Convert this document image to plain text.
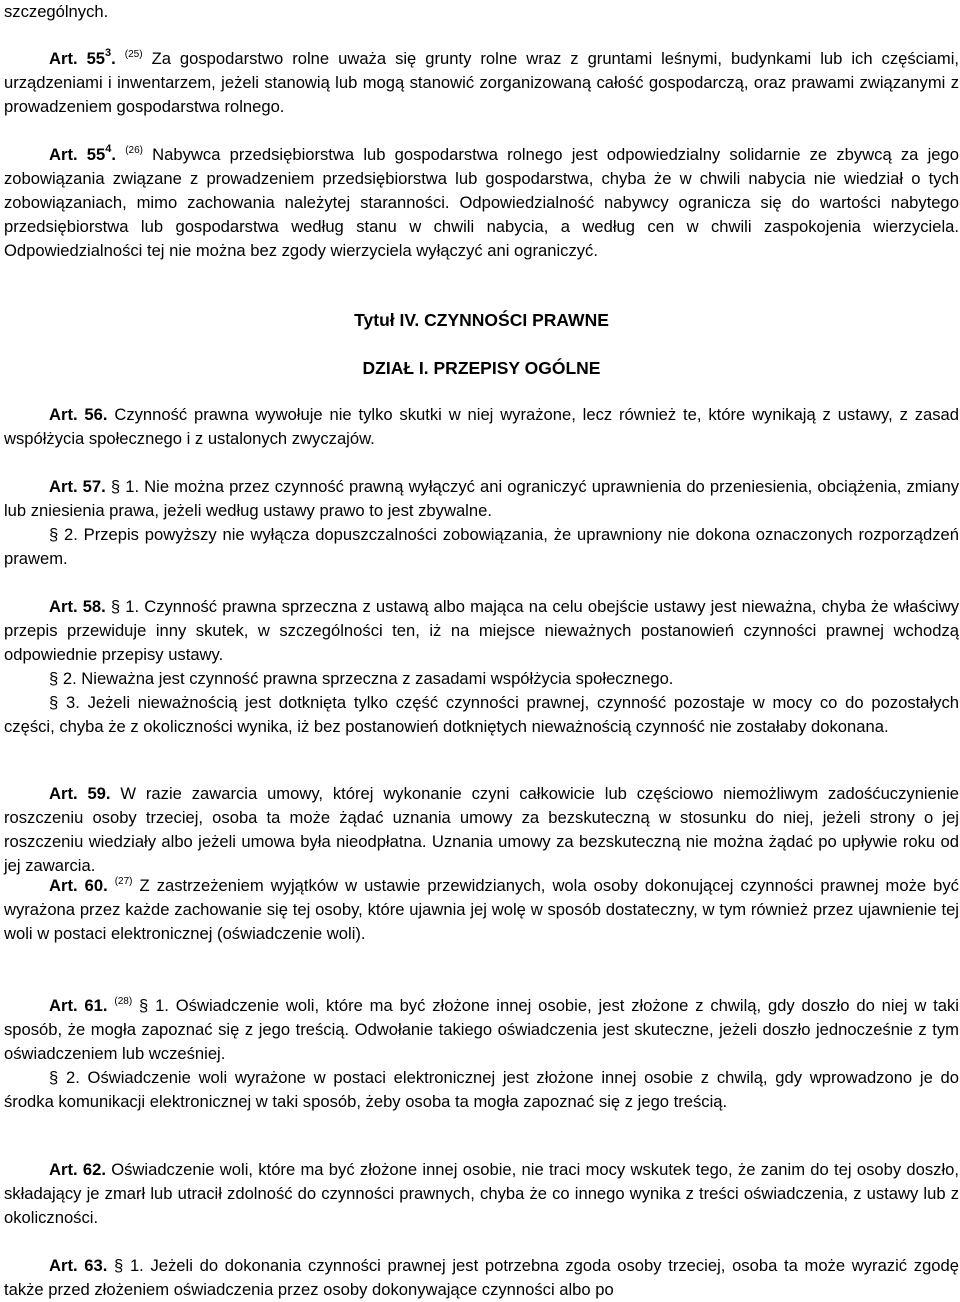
szczególnych.

Art. $55^3$. $^{(25)}$ Za gospodarstwo rolne uważa się grunty rolne wraz z gruntami leśnymi, budynkami lub ich częściami, urządzeniami i inwentarzem, jeżeli stanowią lub mogą stanowić zorganizowaną całość gospodarczą, oraz prawami związanymi z prowadzeniem gospodarstwa rolnego.

Art. $55^4$. $^{(26)}$ Nabywca przedsiębiorstwa lub gospodarstwa rolnego jest odpowiedzialny solidarnie ze zbywcą za jego zobowiązania związane z prowadzeniem przedsiębiorstwa lub gospodarstwa, chyba że w chwili nabycia nie wiedział o tych zobowiązaniach, mimo zachowania należytej staranności. Odpowiedzialność nabywcy ogranicza się do wartości nabytego przedsiębiorstwa lub gospodarstwa według stanu w chwili nabycia, a według cen w chwili zaspokojenia wierzyciela. Odpowiedzialności tej nie można bez zgody wierzyciela wyłączyć ani ograniczyć.

Tytuł IV. CZYNNOŚCI PRAWNE
DZIAŁ I. PRZEPISY OGÓLNE

Art. 56. Czynność prawna wywołuje nie tylko skutki w niej wyrażone, lecz również te, które wynikają z ustawy, z zasad współżycia społecznego i z ustalonych zwyczajów.

Art. 57. § 1. Nie można przez czynność prawną wyłączyć ani ograniczyć uprawnienia do przeniesienia, obciążenia, zmiany lub zniesienia prawa, jeżeli według ustawy prawo to jest zbywalne.

§ 2. Przepis powyższy nie wyłącza dopuszczalności zobowiązania, że uprawniony nie dokona oznaczonych rozporządzeń prawem.

Art. 58. § 1. Czynność prawna sprzeczna z ustawą albo mająca na celu obejście ustawy jest nieważna, chyba że właściwy przepis przewiduje inny skutek, w szczególności ten, iż na miejsce nieważnych postanowień czynności prawnej wchodzą odpowiednie przepisy ustawy.

§ 2. Nieważna jest czynność prawna sprzeczna z zasadami współżycia społecznego.

§ 3. Jeżeli nieważnością jest dotknięta tylko część czynności prawnej, czynność pozostaje w mocy co do pozostałych części, chyba że z okoliczności wynika, iż bez postanowień dotkniętych nieważnością czynność nie zostałaby dokonana.

Art. 59. W razie zawarcia umowy, której wykonanie czyni całkowicie lub częściowo niemożliwym zadośćuczynienie roszczeniu osoby trzeciej, osoba ta może żądać uznania umowy za bezskuteczną w stosunku do niej, jeżeli strony o jej roszczeniu wiedziały albo jeżeli umowa była nieodpłatna. Uznania umowy za bezskuteczną nie można żądać po upływie roku od jej zawarcia.

Art. 60. $^{(27)}$ Z zastrzeżeniem wyjątków w ustawie przewidzianych, wola osoby dokonującej czynności prawnej może być wyrażona przez każde zachowanie się tej osoby, które ujawnia jej wolę w sposób dostateczny, w tym również przez ujawnienie tej woli w postaci elektronicznej (oświadczenie woli).

Art. 61. $^{(28)}$ § 1. Oświadczenie woli, które ma być złożone innej osobie, jest złożone z chwilą, gdy doszło do niej w taki sposób, że mogła zapoznać się z jego treścią. Odwołanie takiego oświadczenia jest skuteczne, jeżeli doszło jednocześnie z tym oświadczeniem lub wcześniej.

§ 2. Oświadczenie woli wyrażone w postaci elektronicznej jest złożone innej osobie z chwilą, gdy wprowadzono je do środka komunikacji elektronicznej w taki sposób, żeby osoba ta mogła zapoznać się z jego treścią.

Art. 62. Oświadczenie woli, które ma być złożone innej osobie, nie traci mocy wskutek tego, że zanim do tej osoby doszło, składający je zmarł lub utracił zdolność do czynności prawnych, chyba że co innego wynika z treści oświadczenia, z ustawy lub z okoliczności.

Art. 63. § 1. Jeżeli do dokonania czynności prawnej jest potrzebna zgoda osoby trzeciej, osoba ta może wyrazić zgodę także przed złożeniem oświadczenia przez osoby dokonywające czynności albo po
